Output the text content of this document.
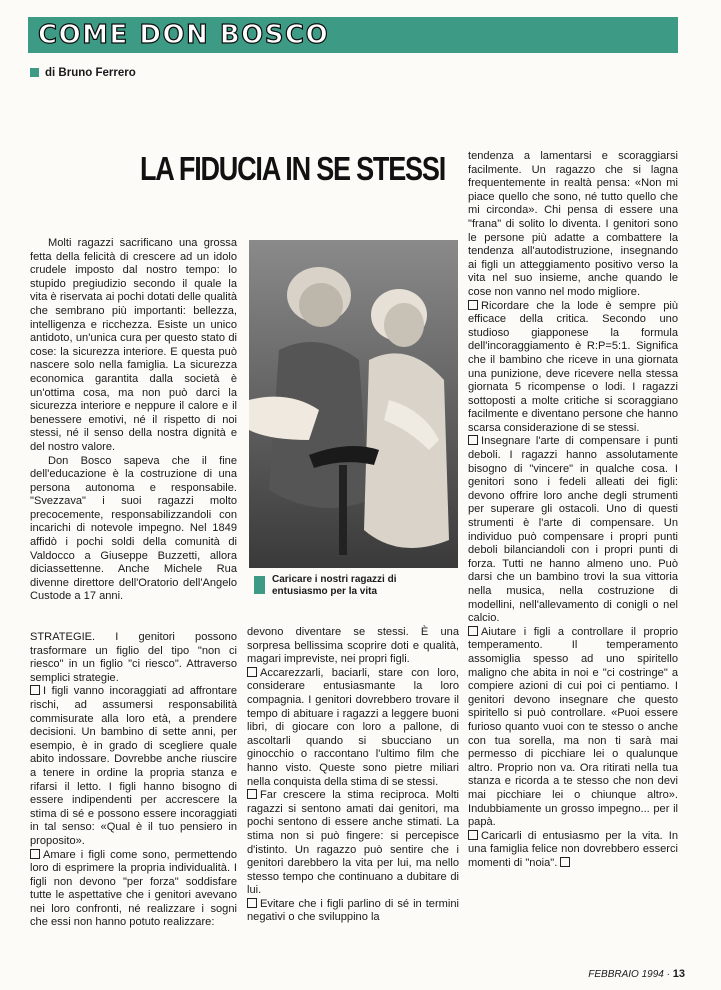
COME DON BOSCO
di Bruno Ferrero
LA FIDUCIA IN SE STESSI

Molti ragazzi sacrificano una grossa fetta della felicità di crescere ad un idolo crudele imposto dal nostro tempo: lo stupido pregiudizio secondo il quale la vita è riservata ai pochi dotati delle qualità che sembrano più importanti: bellezza, intelligenza e ricchezza. Esiste un unico antidoto, un'unica cura per questo stato di cose: la sicurezza interiore. E questa può nascere solo nella famiglia. La sicurezza economica garantita dalla società è un'ottima cosa, ma non può darci la sicurezza interiore e neppure il calore e il benessere emotivi, né il rispetto di noi stessi, né il senso della nostra dignità e del nostro valore.

Don Bosco sapeva che il fine dell'educazione è la costruzione di una persona autonoma e responsabile. "Svezzava" i suoi ragazzi molto precocemente, responsabilizzandoli con incarichi di notevole impegno. Nel 1849 affidò i pochi soldi della comunità di Valdocco a Giuseppe Buzzetti, allora diciassettenne. Anche Michele Rua divenne direttore dell'Oratorio dell'Angelo Custode a 17 anni.

STRATEGIE. I genitori possono trasformare un figlio del tipo "non ci riesco" in un figlio "ci riesco". Attraverso semplici strategie.

I figli vanno incoraggiati ad affrontare rischi, ad assumersi responsabilità commisurate alla loro età, a prendere decisioni. Un bambino di sette anni, per esempio, è in grado di scegliere quale abito indossare. Dovrebbe anche riuscire a tenere in ordine la propria stanza e rifarsi il letto. I figli hanno bisogno di essere indipendenti per accrescere la stima di sé e possono essere incoraggiati in tal senso: «Qual è il tuo pensiero in proposito».

Amare i figli come sono, permettendo loro di esprimere la propria individualità. I figli non devono "per forza" soddisfare tutte le aspettative che i genitori avevano nei loro confronti, né realizzare i sogni che essi non hanno potuto realizzare:

Caricare i nostri ragazzi di entusiasmo per la vita

devono diventare se stessi. È una sorpresa bellissima scoprire doti e qualità, magari impreviste, nei propri figli.

Accarezzarli, baciarli, stare con loro, considerare entusiasmante la loro compagnia. I genitori dovrebbero trovare il tempo di abituare i ragazzi a leggere buoni libri, di giocare con loro a pallone, di ascoltarli quando si sbucciano un ginocchio o raccontano l'ultimo film che hanno visto. Queste sono pietre miliari nella conquista della stima di se stessi.

Far crescere la stima reciproca. Molti ragazzi si sentono amati dai genitori, ma pochi sentono di essere anche stimati. La stima non si può fingere: si percepisce d'istinto. Un ragazzo può sentire che i genitori darebbero la vita per lui, ma nello stesso tempo che continuano a dubitare di lui.

Evitare che i figli parlino di sé in termini negativi o che sviluppino la

tendenza a lamentarsi e scoraggiarsi facilmente. Un ragazzo che si lagna frequentemente in realtà pensa: «Non mi piace quello che sono, né tutto quello che mi circonda». Chi pensa di essere una "frana" di solito lo diventa. I genitori sono le persone più adatte a combattere la tendenza all'autodistruzione, insegnando ai figli un atteggiamento positivo verso la vita nel suo insieme, anche quando le cose non vanno nel modo migliore.

Ricordare che la lode è sempre più efficace della critica. Secondo uno studioso giapponese la formula dell'incoraggiamento è R:P=5:1. Significa che il bambino che riceve in una giornata una punizione, deve ricevere nella stessa giornata 5 ricompense o lodi. I ragazzi sottoposti a molte critiche si scoraggiano facilmente e diventano persone che hanno scarsa considerazione di se stessi.

Insegnare l'arte di compensare i punti deboli. I ragazzi hanno assolutamente bisogno di "vincere" in qualche cosa. I genitori sono i fedeli alleati dei figli: devono offrire loro anche degli strumenti per superare gli ostacoli. Uno di questi strumenti è l'arte di compensare. Un individuo può compensare i propri punti deboli bilanciandoli con i propri punti di forza. Tutti ne hanno almeno uno. Può darsi che un bambino trovi la sua vittoria nella musica, nella costruzione di modellini, nell'allevamento di conigli o nel calcio.

Aiutare i figli a controllare il proprio temperamento. Il temperamento assomiglia spesso ad uno spiritello maligno che abita in noi e "ci costringe" a compiere azioni di cui poi ci pentiamo. I genitori devono insegnare che questo spiritello si può controllare. «Puoi essere furioso quanto vuoi con te stesso o anche con tua sorella, ma non ti sarà mai permesso di picchiare lei o qualunque altro. Proprio non va. Ora ritirati nella tua stanza e ricorda a te stesso che non devi mai picchiare lei o chiunque altro». Indubbiamente un grosso impegno... per il papà.

Caricarli di entusiasmo per la vita. In una famiglia felice non dovrebbero esserci momenti di "noia".

FEBBRAIO 1994 · 13
